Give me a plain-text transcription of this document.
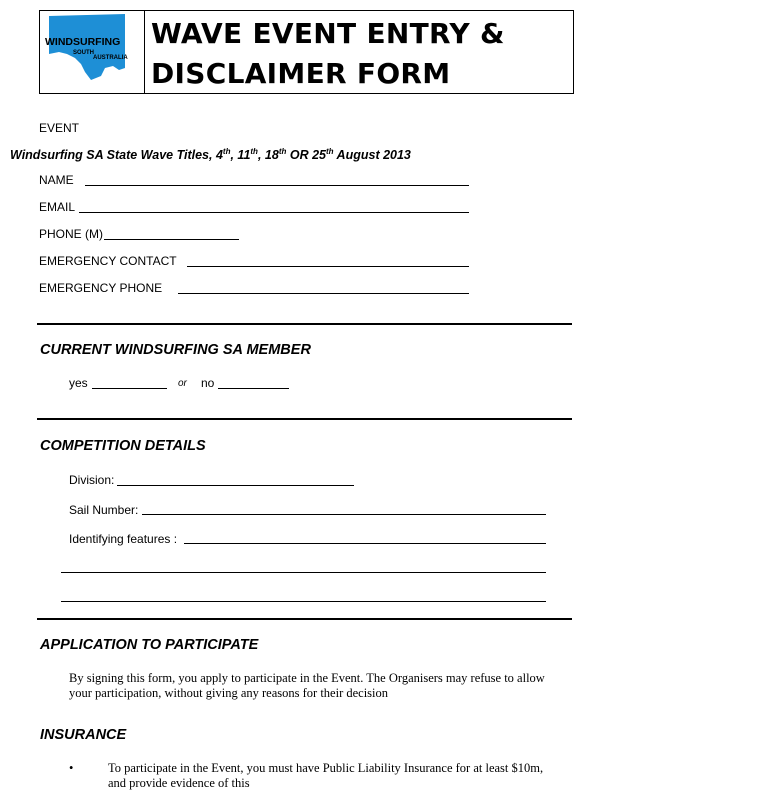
WINDSURFING
SOUTH
AUSTRALIA
WAVE EVENT ENTRY &
DISCLAIMER FORM
EVENT
Windsurfing SA State Wave Titles, 4th, 11th, 18th OR 25th August 2013
NAME
EMAIL
PHONE (M)
EMERGENCY CONTACT
EMERGENCY PHONE
CURRENT WINDSURFING SA MEMBER
yes	or no
COMPETITION DETAILS
Division:
Sail Number:
Identifying features :
APPLICATION TO PARTICIPATE
By signing this form, you apply to participate in the Event. The Organisers may refuse to allow
your participation, without giving any reasons for their decision
INSURANCE
•	To participate in the Event, you must have Public Liability Insurance for at least $10m,
and provide evidence of this
